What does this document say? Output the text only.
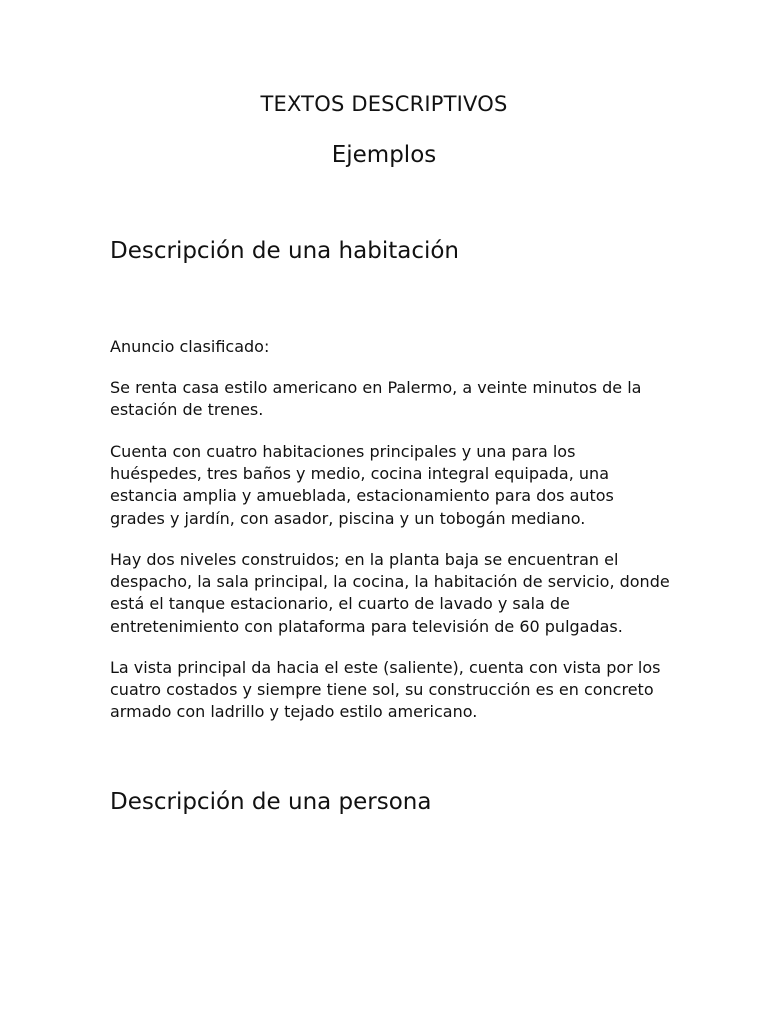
TEXTOS DESCRIPTIVOS
Ejemplos
Descripción de una habitación

Anuncio clasificado:

Se renta casa estilo americano en Palermo, a veinte minutos de la estación de trenes.

Cuenta con cuatro habitaciones principales y una para los huéspedes, tres baños y medio, cocina integral equipada, una estancia amplia y amueblada, estacionamiento para dos autos grades y jardín, con asador, piscina y un tobogán mediano.

Hay dos niveles construidos; en la planta baja se encuentran el despacho, la sala principal, la cocina, la habitación de servicio, donde está el tanque estacionario, el cuarto de lavado y sala de entretenimiento con plataforma para televisión de 60 pulgadas.

La vista principal da hacia el este (saliente), cuenta con vista por los cuatro costados y siempre tiene sol, su construcción es en concreto armado con ladrillo y tejado estilo americano.

Descripción de una persona
